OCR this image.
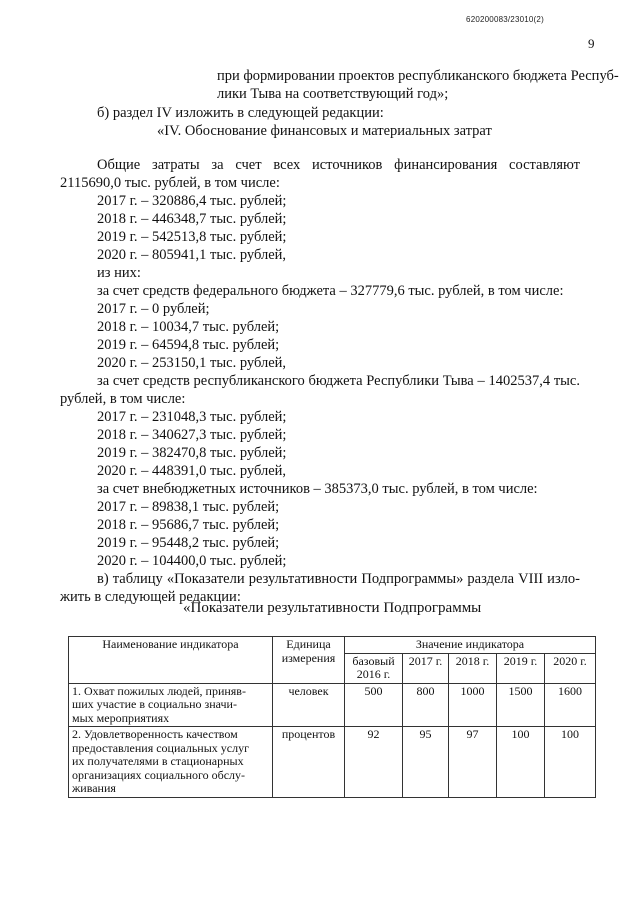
620200083/23010(2)
9
при формировании проектов республиканского бюджета Респуб-
лики Тыва на соответствующий год»;
б) раздел IV изложить в следующей редакции:
«IV. Обоснование финансовых и материальных затрат
Общие затраты за счет всех источников финансирования составляют
2115690,0 тыс. рублей, в том числе:
2017 г. – 320886,4 тыс. рублей;
2018 г. – 446348,7 тыс. рублей;
2019 г. – 542513,8 тыс. рублей;
2020 г. – 805941,1 тыс. рублей,
из них:
за счет средств федерального бюджета – 327779,6 тыс. рублей, в том числе:
2017 г. – 0 рублей;
2018 г. – 10034,7 тыс. рублей;
2019 г. – 64594,8 тыс. рублей;
2020 г. – 253150,1 тыс. рублей,
за счет средств республиканского бюджета Республики Тыва – 1402537,4 тыс.
рублей, в том числе:
2017 г. – 231048,3 тыс. рублей;
2018 г. – 340627,3 тыс. рублей;
2019 г. – 382470,8 тыс. рублей;
2020 г. – 448391,0 тыс. рублей,
за счет внебюджетных источников – 385373,0 тыс. рублей, в том числе:
2017 г. – 89838,1 тыс. рублей;
2018 г. – 95686,7 тыс. рублей;
2019 г. – 95448,2 тыс. рублей;
2020 г. – 104400,0 тыс. рублей;
в) таблицу «Показатели результативности Подпрограммы» раздела VIII изло-
жить в следующей редакции:
«Показатели результативности Подпрограммы
Наименование индикатора	Единица
измерения	Значение индикатора				

		базовый
2016 г.	2017 г.	2018 г.	2019 г.	2020 г.

1. Охват пожилых людей, приняв-
ших участие в социально значи-
мых мероприятиях	человек	500	800	1000	1500	1600

2. Удовлетворенность качеством
предоставления социальных услуг
их получателями в стационарных
организациях социального обслу-
живания	процентов	92	95	97	100	100
